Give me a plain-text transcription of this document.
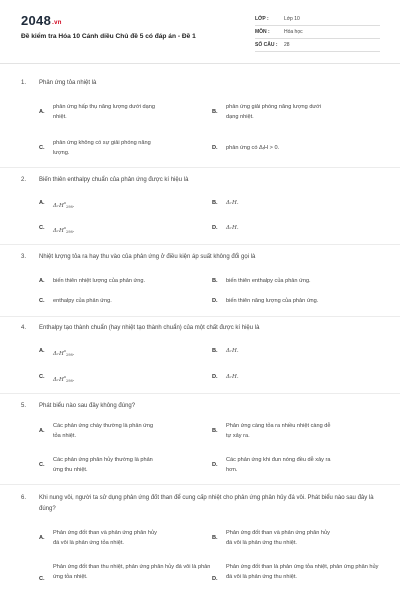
2048.vn
Đề kiểm tra Hóa 10 Cánh diều Chủ đề 5 có đáp án - Đề 1
LỚP :	Lớp 10
MÔN :	Hóa học
SỐ CÂU :	28
1. Phản ứng tỏa nhiệt là
A.
phản ứng hấp thụ năng lượng dưới dạng
nhiệt.
B.
phản ứng giải phóng năng lượng dưới
dạng nhiệt.
C.
phản ứng không có sự giải phóng năng
lượng.
D. phản ứng có ΔᵣH > 0.
2. Biến thiên enthalpy chuẩn của phản ứng được kí hiệu là
A. ΔᵣH$^o_{298}$.	B. ΔᵣH.
C. ΔᵣH$^o_{298}$.	D. ΔᵣH.
3. Nhiệt lượng tỏa ra hay thu vào của phản ứng ở điều kiện áp suất không đổi gọi là
A. biến thiên nhiệt lượng của phản ứng.	B. biến thiên enthalpy của phản ứng.
C. enthalpy của phản ứng.	D. biến thiên năng lượng của phản ứng.
4. Enthalpy tạo thành chuẩn (hay nhiệt tạo thành chuẩn) của một chất được kí hiệu là
A. ΔᵣH$^o_{298}$.	B. ΔᵣH.
C. ΔᵣH$^o_{298}$.	D. ΔᵣH.
5. Phát biểu nào sau đây không đúng?
A.
Các phản ứng cháy thường là phản ứng
tỏa nhiệt.
B.
Phản ứng càng tỏa ra nhiều nhiệt càng dễ
tự xảy ra.
C.
Các phản ứng phân hủy thường là phản
ứng thu nhiệt.
D.
Các phản ứng khi đun nóng đều dễ xảy ra
hơn.
6. Khi nung vôi, người ta sử dụng phản ứng đốt than để cung cấp nhiệt cho phản ứng phân hủy đá vôi. Phát biểu nào sau đây là đúng?
A.
Phản ứng đốt than và phản ứng phân hủy
đá vôi là phản ứng tỏa nhiệt.
B.
Phản ứng đốt than và phản ứng phân hủy
đá vôi là phản ứng thu nhiệt.
C.
Phản ứng đốt than thu nhiệt, phản ứng phân hủy đá vôi là phản ứng tỏa nhiệt.	D.
Phản ứng đốt than là phản ứng tỏa nhiệt, phản ứng phân hủy đá vôi là phản ứng thu nhiệt.
